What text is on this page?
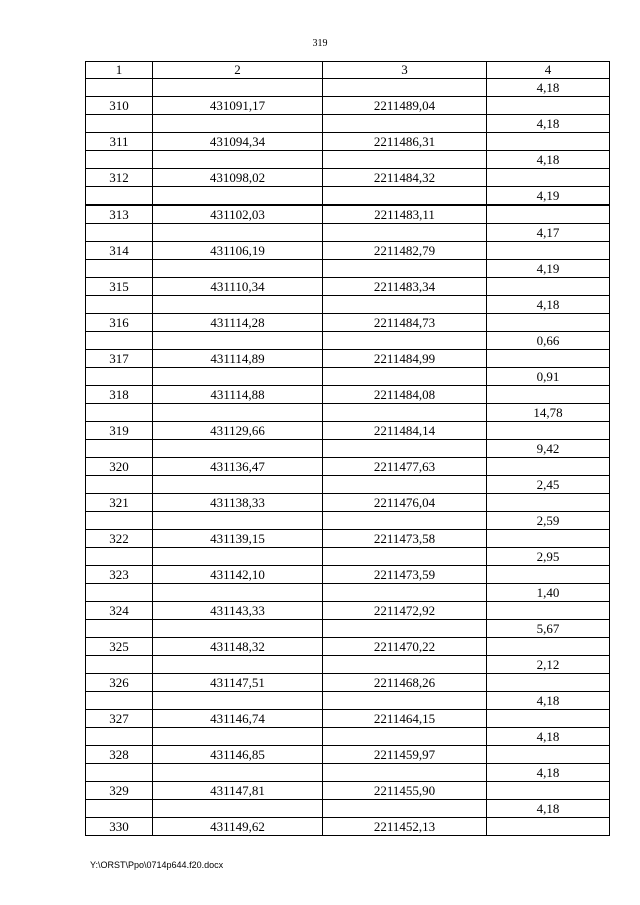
319
1	2	3	4
			4,18
310	431091,17	2211489,04	
			4,18
311	431094,34	2211486,31	
			4,18
312	431098,02	2211484,32	
			4,19
313	431102,03	2211483,11	
			4,17
314	431106,19	2211482,79	
			4,19
315	431110,34	2211483,34	
			4,18
316	431114,28	2211484,73	
			0,66
317	431114,89	2211484,99	
			0,91
318	431114,88	2211484,08	
			14,78
319	431129,66	2211484,14	
			9,42
320	431136,47	2211477,63	
			2,45
321	431138,33	2211476,04	
			2,59
322	431139,15	2211473,58	
			2,95
323	431142,10	2211473,59	
			1,40
324	431143,33	2211472,92	
			5,67
325	431148,32	2211470,22	
			2,12
326	431147,51	2211468,26	
			4,18
327	431146,74	2211464,15	
			4,18
328	431146,85	2211459,97	
			4,18
329	431147,81	2211455,90	
			4,18
330	431149,62	2211452,13	
Y:\ORST\Ppo\0714p644.f20.docx
